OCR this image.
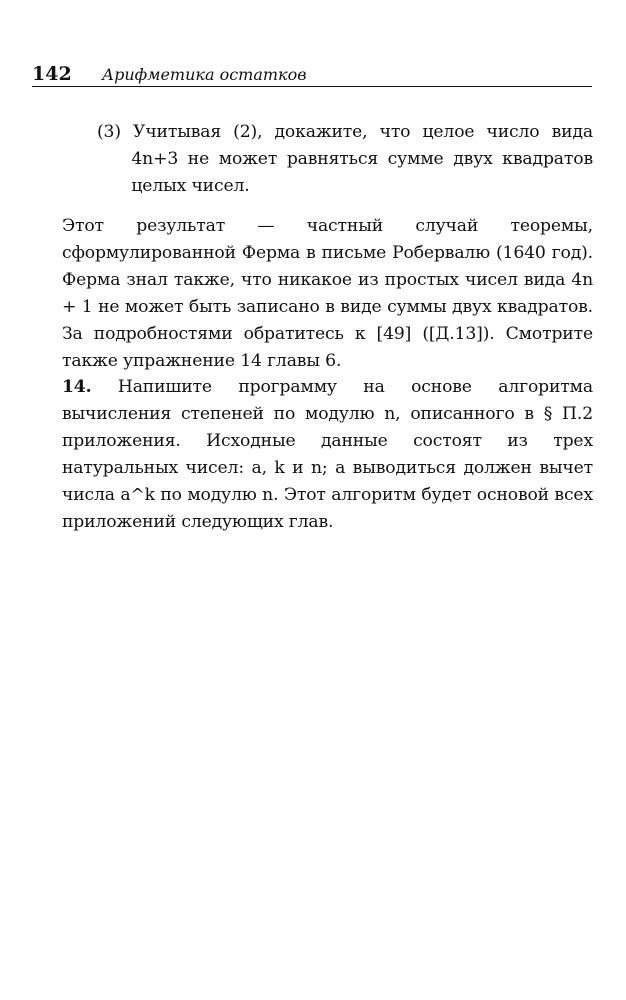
142 Арифметика остатков
(3) Учитывая (2), докажите, что целое число вида 4n+3 не может равняться сумме двух квадратов целых чисел.
Этот результат — частный случай теоремы, сформулированной Ферма в письме Робервалю (1640 год). Ферма знал также, что никакое из простых чисел вида 4n + 1 не может быть записано в виде суммы двух квадратов. За подробностями обратитесь к [49] ([Д.13]). Смотрите также упражнение 14 главы 6.
14. Напишите программу на основе алгоритма вычисления степеней по модулю n, описанного в § П.2 приложения. Исходные данные состоят из трех натуральных чисел: a, k и n; а выводиться должен вычет числа a^k по модулю n. Этот алгоритм будет основой всех приложений следующих глав.
